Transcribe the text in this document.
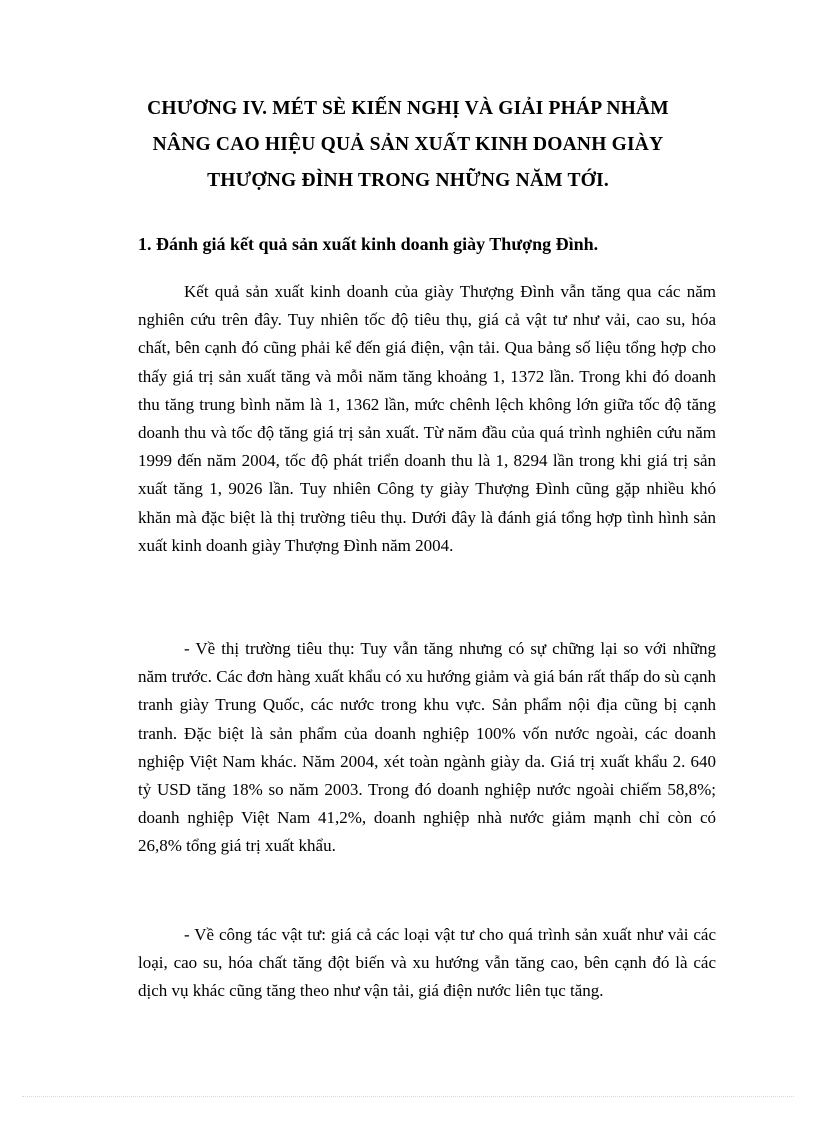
CHƯƠNG IV. MÉT SÈ KIẾN NGHỊ VÀ GIẢI PHÁP NHẰM
NÂNG CAO HIỆU QUẢ SẢN XUẤT KINH DOANH GIÀY
THƯỢNG ĐÌNH TRONG NHỮNG NĂM TỚI.
1. Đánh giá kết quả sản xuất kinh doanh giày Thượng Đình.

Kết quả sản xuất kinh doanh của giày Thượng Đình vẫn tăng qua các năm nghiên cứu trên đây. Tuy nhiên tốc độ tiêu thụ, giá cả vật tư như vải, cao su, hóa chất, bên cạnh đó cũng phải kể đến giá điện, vận tải. Qua bảng số liệu tổng hợp cho thấy giá trị sản xuất tăng và mỗi năm tăng khoảng 1, 1372 lần. Trong khi đó doanh thu tăng trung bình năm là 1, 1362 lần, mức chênh lệch không lớn giữa tốc độ tăng doanh thu và tốc độ tăng giá trị sản xuất. Từ năm đầu của quá trình nghiên cứu năm 1999 đến năm 2004, tốc độ phát triển doanh thu là 1, 8294 lần trong khi giá trị sản xuất tăng 1, 9026 lần. Tuy nhiên Công ty giày Thượng Đình cũng gặp nhiều khó khăn mà đặc biệt là thị trường tiêu thụ. Dưới đây là đánh giá tổng hợp tình hình sản xuất kinh doanh giày Thượng Đình năm 2004.

- Về thị trường tiêu thụ: Tuy vẫn tăng nhưng có sự chững lại so với những năm trước. Các đơn hàng xuất khẩu có xu hướng giảm và giá bán rất thấp do sù cạnh tranh giày Trung Quốc, các nước trong khu vực. Sản phẩm nội địa cũng bị cạnh tranh. Đặc biệt là sản phẩm của doanh nghiệp 100% vốn nước ngoài, các doanh nghiệp Việt Nam khác. Năm 2004, xét toàn ngành giày da. Giá trị xuất khẩu 2. 640 tỷ USD tăng 18% so năm 2003. Trong đó doanh nghiệp nước ngoài chiếm 58,8%; doanh nghiệp Việt Nam 41,2%, doanh nghiệp nhà nước giảm mạnh chỉ còn có 26,8% tổng giá trị xuất khẩu.

- Về công tác vật tư: giá cả các loại vật tư cho quá trình sản xuất như vải các loại, cao su, hóa chất tăng đột biến và xu hướng vẫn tăng cao, bên cạnh đó là các dịch vụ khác cũng tăng theo như vận tải, giá điện nước liên tục tăng.
